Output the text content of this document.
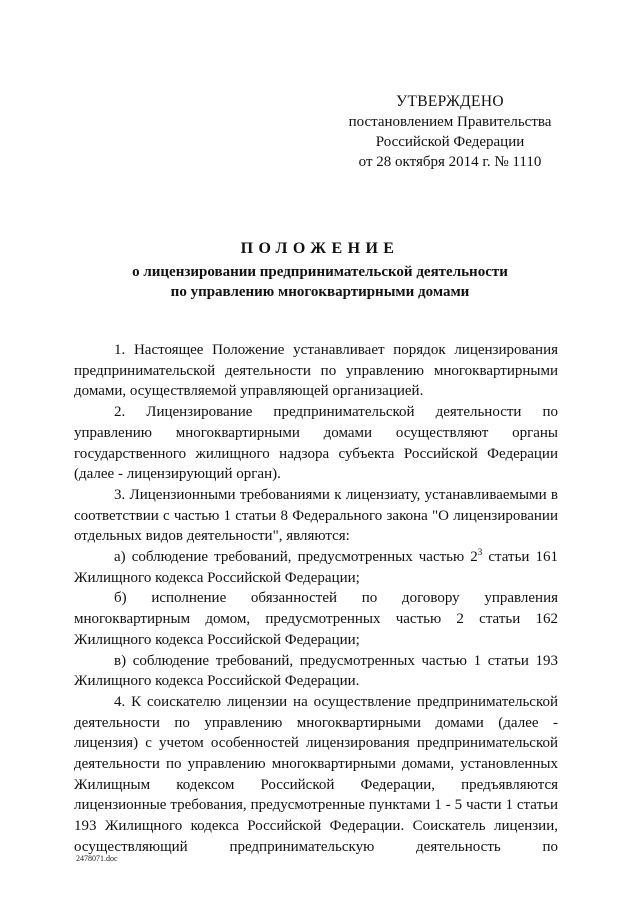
УТВЕРЖДЕНО
постановлением Правительства
Российской Федерации
от 28 октября 2014 г. № 1110
ПОЛОЖЕНИЕ
о лицензировании предпринимательской деятельности
по управлению многоквартирными домами

1. Настоящее Положение устанавливает порядок лицензирования предпринимательской деятельности по управлению многоквартирными домами, осуществляемой управляющей организацией.

2. Лицензирование предпринимательской деятельности по управлению многоквартирными домами осуществляют органы государственного жилищного надзора субъекта Российской Федерации (далее - лицензирующий орган).

3. Лицензионными требованиями к лицензиату, устанавливаемыми в соответствии с частью 1 статьи 8 Федерального закона "О лицензировании отдельных видов деятельности", являются:

а) соблюдение требований, предусмотренных частью $2^3$ статьи 161 Жилищного кодекса Российской Федерации;

б) исполнение обязанностей по договору управления многоквартирным домом, предусмотренных частью 2 статьи 162 Жилищного кодекса Российской Федерации;

в) соблюдение требований, предусмотренных частью 1 статьи 193 Жилищного кодекса Российской Федерации.

4. К соискателю лицензии на осуществление предпринимательской деятельности по управлению многоквартирными домами (далее - лицензия) с учетом особенностей лицензирования предпринимательской деятельности по управлению многоквартирными домами, установленных Жилищным кодексом Российской Федерации, предъявляются лицензионные требования, предусмотренные пунктами 1 - 5 части 1 статьи 193 Жилищного кодекса Российской Федерации. Соискатель лицензии, осуществляющий предпринимательскую деятельность по

2478071.doc
